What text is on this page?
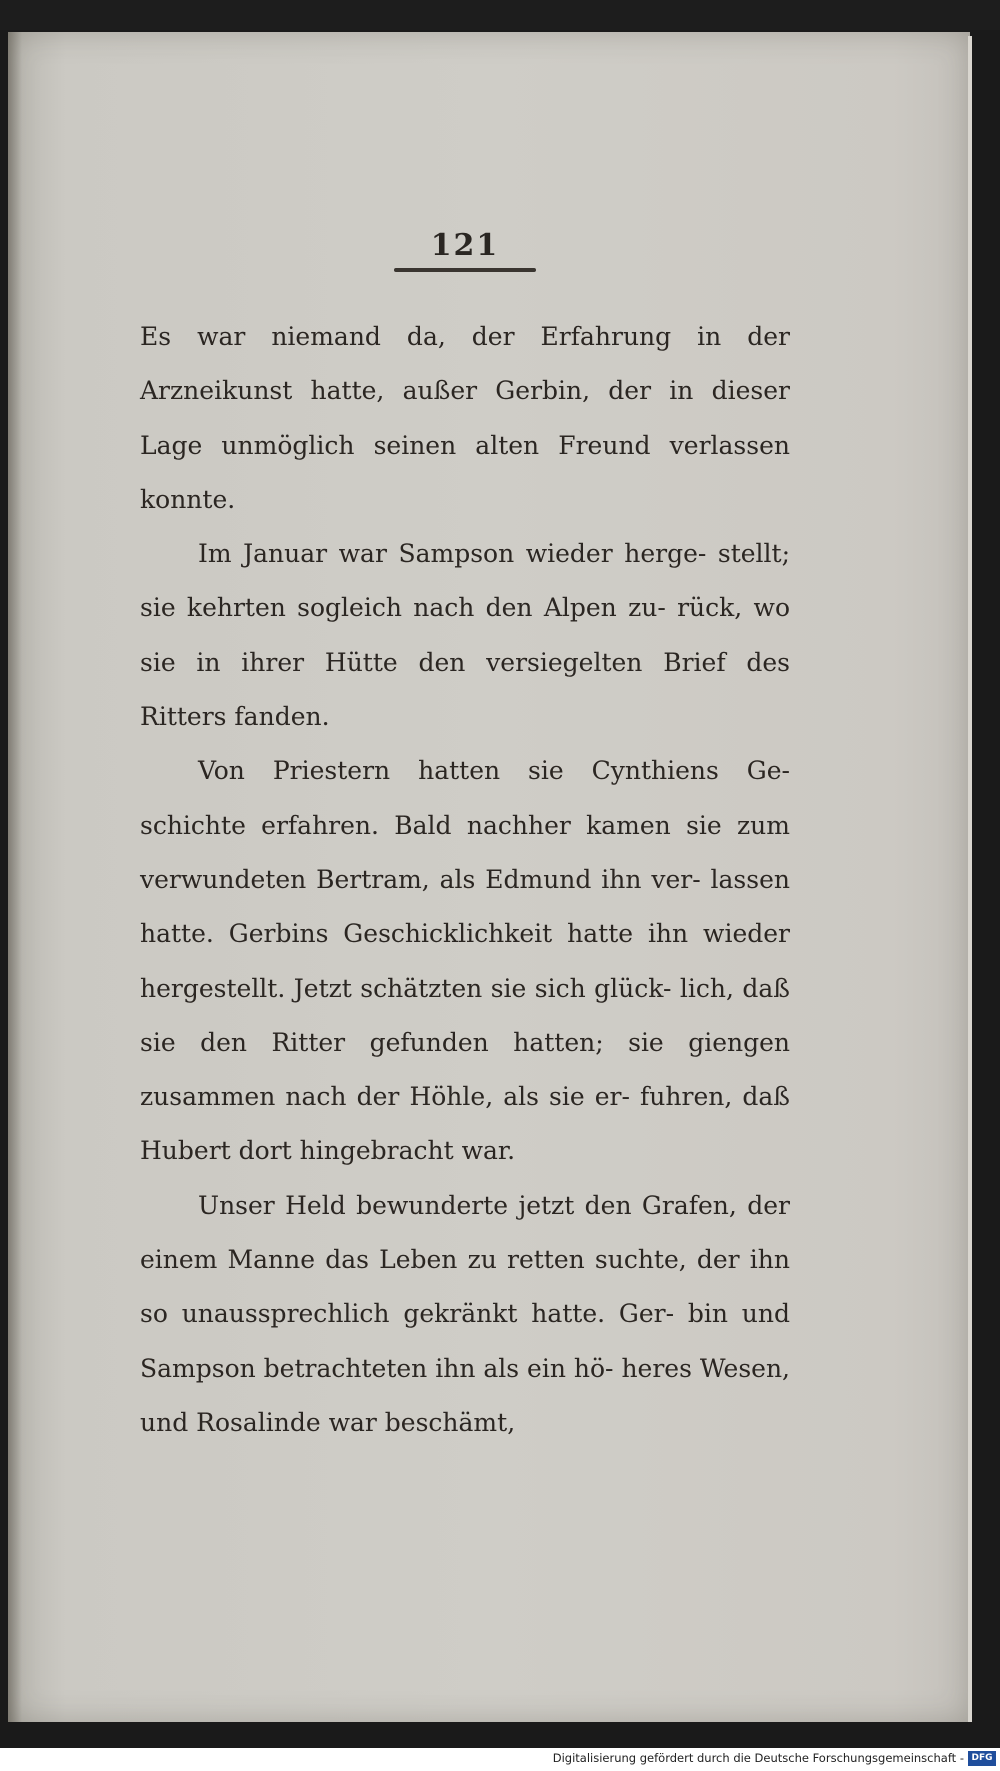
121

Es war niemand da, der Erfahrung in der Arzneikunst hatte, außer Gerbin, der in dieser Lage unmöglich seinen alten Freund verlassen konnte.

Im Januar war Sampson wieder herge- stellt; sie kehrten sogleich nach den Alpen zu- rück, wo sie in ihrer Hütte den versiegelten Brief des Ritters fanden.

Von Priestern hatten sie Cynthiens Ge- schichte erfahren. Bald nachher kamen sie zum verwundeten Bertram, als Edmund ihn ver- lassen hatte. Gerbins Geschicklichkeit hatte ihn wieder hergestellt. Jetzt schätzten sie sich glück- lich, daß sie den Ritter gefunden hatten; sie giengen zusammen nach der Höhle, als sie er- fuhren, daß Hubert dort hingebracht war.

Unser Held bewunderte jetzt den Grafen, der einem Manne das Leben zu retten suchte, der ihn so unaussprechlich gekränkt hatte. Ger- bin und Sampson betrachteten ihn als ein hö- heres Wesen, und Rosalinde war beschämt,

Digitalisierung gefördert durch die Deutsche Forschungsgemeinschaft - DFG
